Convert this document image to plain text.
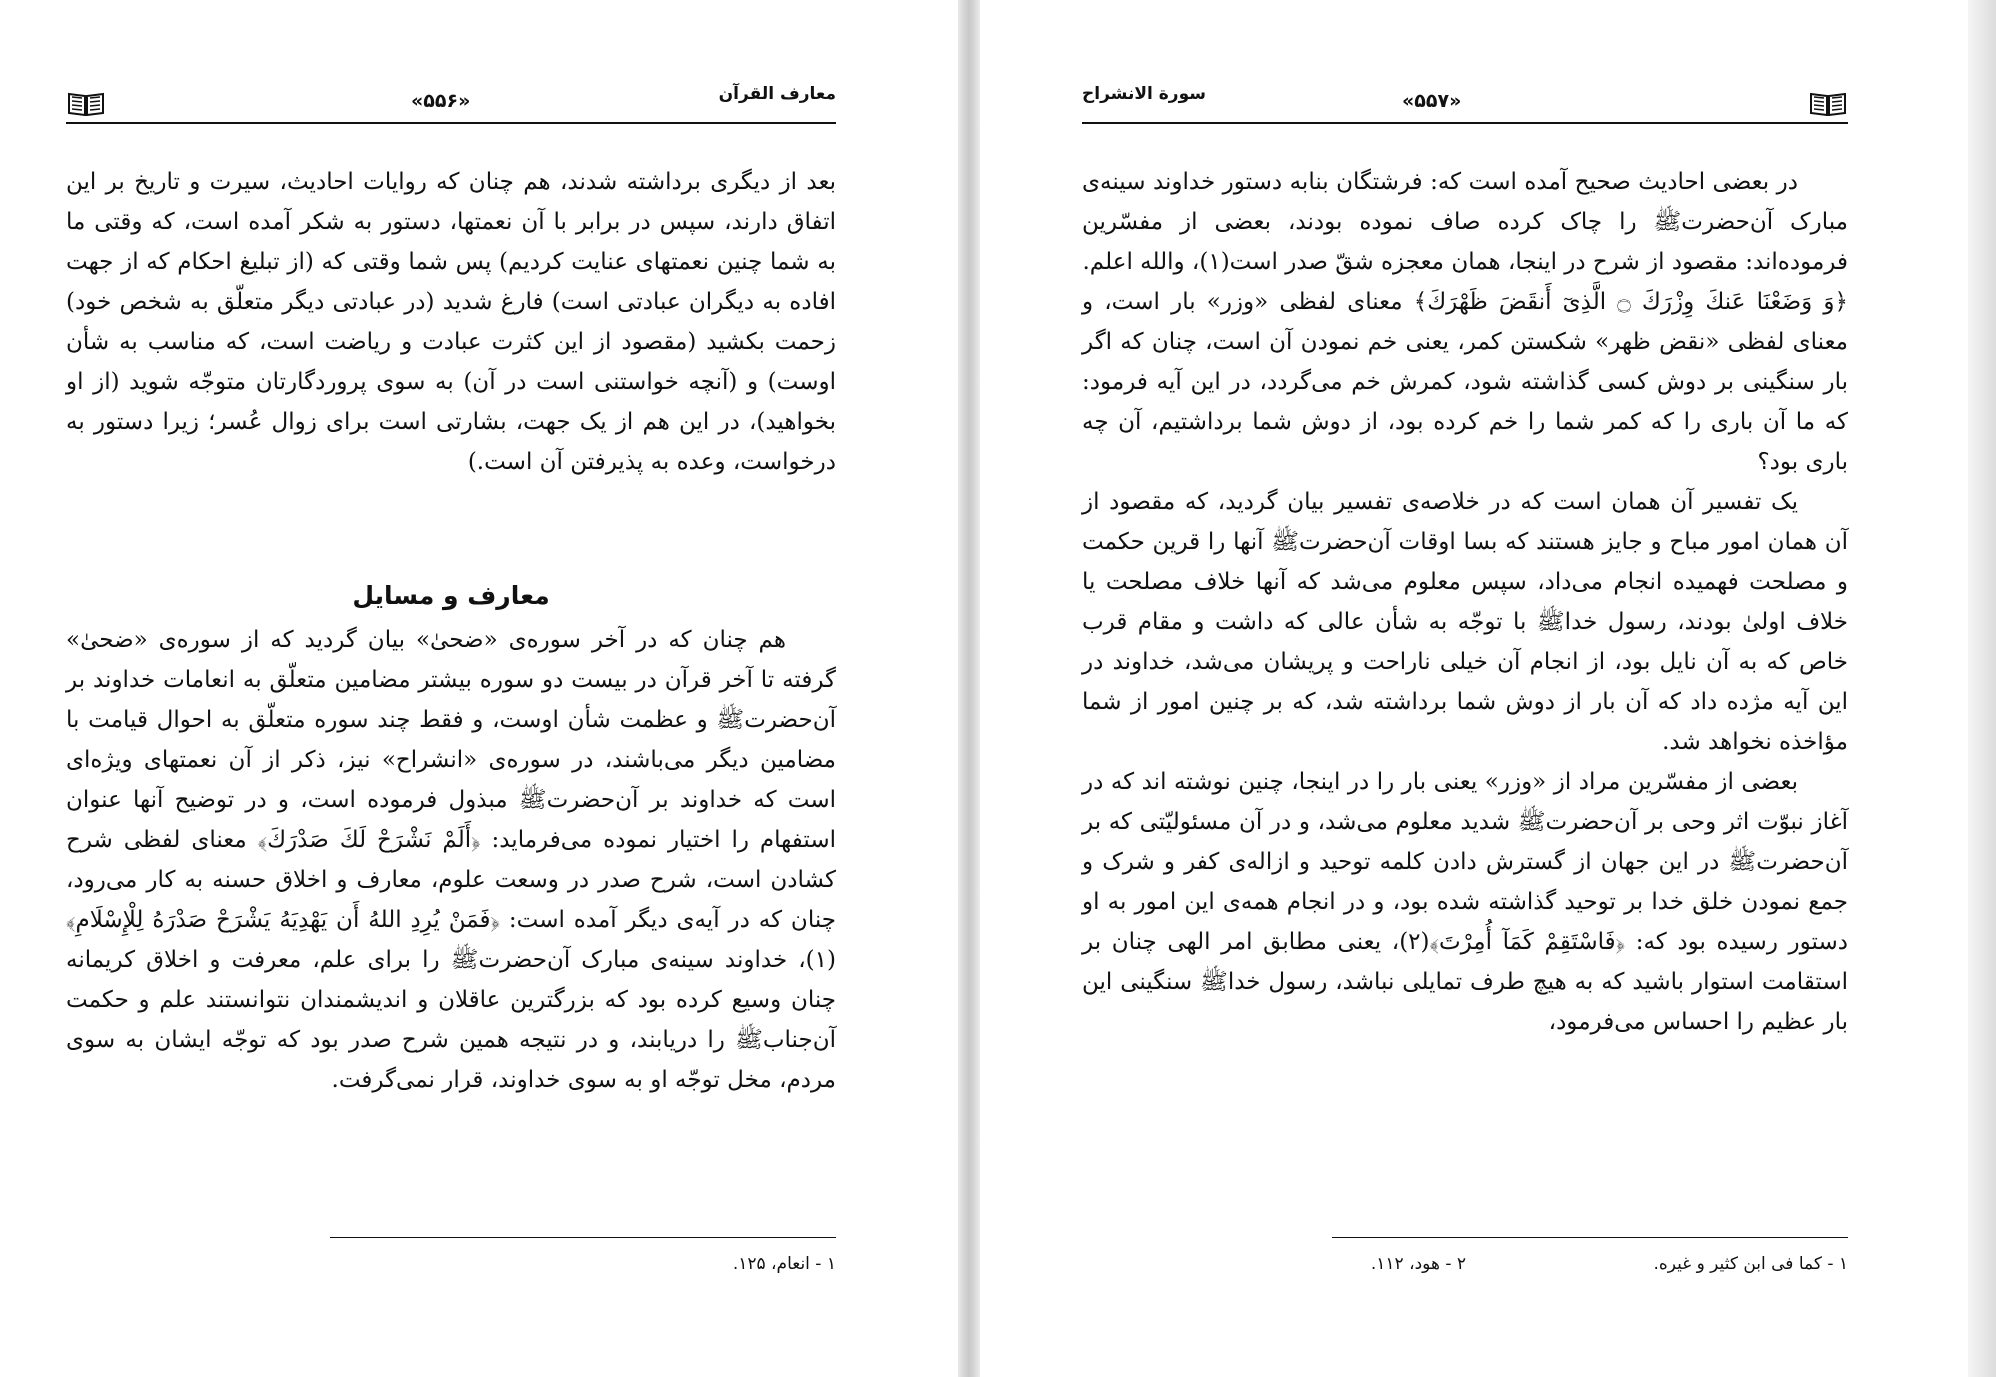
معارف القرآن
«۵۵۶»

بعد از دیگری برداشته شدند، هم چنان که روایات احادیث، سیرت و تاریخ بر این اتفاق دارند، سپس در برابر با آن نعمتها، دستور به شکر آمده است، که وقتی ما به شما چنین نعمتهای عنایت کردیم) پس شما وقتی که (از تبلیغ احکام که از جهت افاده به دیگران عبادتی است) فارغ شدید (در عبادتی دیگر متعلّق به شخص خود) زحمت بکشید (مقصود از این کثرت عبادت و ریاضت است، که مناسب به شأن اوست) و (آنچه خواستنی است در آن) به سوی پروردگارتان متوجّه شوید (از او بخواهید)، در این هم از یک جهت، بشارتی است برای زوال عُسر؛ زیرا دستور به درخواست، وعده به پذیرفتن آن است.)

معارف و مسایل

هم چنان که در آخر سوره‌ی «ضحیٰ» بیان گردید که از سوره‌ی «ضحیٰ» گرفته تا آخر قرآن در بیست دو سوره بیشتر مضامین متعلّق به انعامات خداوند بر آن‌حضرتﷺ و عظمت شأن اوست، و فقط چند سوره متعلّق به احوال قیامت با مضامین دیگر می‌باشند، در سوره‌ی «انشراح» نیز، ذکر از آن نعمتهای ویژه‌ای است که خداوند بر آن‌حضرتﷺ مبذول فرموده است، و در توضیح آنها عنوان استفهام را اختیار نموده می‌فرماید: ﴿أَلَمْ نَشْرَحْ لَكَ صَدْرَكَ﴾ معنای لفظی شرح کشادن است، شرح صدر در وسعت علوم، معارف و اخلاق حسنه به کار می‌رود، چنان که در آیه‌ی دیگر آمده است: ﴿فَمَنْ يُرِدِ اللهُ أَن يَهْدِيَهُ يَشْرَحْ صَدْرَهُ لِلْإِسْلَامِ﴾(۱)، خداوند سینه‌ی مبارک آن‌حضرتﷺ را برای علم، معرفت و اخلاق کریمانه چنان وسیع کرده بود که بزرگترین عاقلان و اندیشمندان نتوانستند علم و حکمت آن‌جنابﷺ را دریابند، و در نتیجه همین شرح صدر بود که توجّه ایشان به سوی مردم، مخل توجّه او به سوی خداوند، قرار نمی‌گرفت.

۱ - انعام، ۱۲۵.
سورة الانشراح	«۵۵۷»

در بعضی احادیث صحیح آمده است که: فرشتگان بنابه دستور خداوند سینه‌ی مبارک آن‌حضرتﷺ را چاک کرده صاف نموده بودند، بعضی از مفسّرین فرموده‌اند: مقصود از شرح در اینجا، همان معجزه شقّ صدر است(۱)، والله اعلم.

﴿وَ وَضَعْنَا عَنكَ وِزْرَكَ ۝ الَّذِىٓ أَنقَضَ ظَهْرَكَ﴾ معنای لفظی «وزر» بار است، و معنای لفظی «نقض ظهر» شکستن کمر، یعنی خم نمودن آن است، چنان که اگر بار سنگینی بر دوش کسی گذاشته شود، کمرش خم می‌گردد، در این آیه فرمود: که ما آن باری را که کمر شما را خم کرده بود، از دوش شما برداشتیم، آن چه باری بود؟

یک تفسیر آن همان است که در خلاصه‌ی تفسیر بیان گردید، که مقصود از آن همان امور مباح و جایز هستند که بسا اوقات آن‌حضرتﷺ آنها را قرین حکمت و مصلحت فهمیده انجام می‌داد، سپس معلوم می‌شد که آنها خلاف مصلحت یا خلاف اولیٰ بودند، رسول خداﷺ با توجّه به شأن عالی که داشت و مقام قرب خاص که به آن نایل بود، از انجام آن خیلی ناراحت و پریشان می‌شد، خداوند در این آیه مژده داد که آن بار از دوش شما برداشته شد، که بر چنین امور از شما مؤاخذه نخواهد شد.

بعضی از مفسّرین مراد از «وزر» یعنی بار را در اینجا، چنین نوشته اند که در آغاز نبوّت اثر وحی بر آن‌حضرتﷺ شدید معلوم می‌شد، و در آن مسئولیّتی که بر آن‌حضرتﷺ در این جهان از گسترش دادن کلمه توحید و ازاله‌ی کفر و شرک و جمع نمودن خلق خدا بر توحید گذاشته شده بود، و در انجام همه‌ی این امور به او دستور رسیده بود که: ﴿فَاسْتَقِمْ كَمَآ أُمِرْتَ﴾(۲)، یعنی مطابق امر الهی چنان بر استقامت استوار باشید که به هیچ طرف تمایلی نباشد، رسول خداﷺ سنگینی این بار عظیم را احساس می‌فرمود،

۱ - کما فی ابن کثیر و غیره.
۲ - هود، ۱۱۲.
